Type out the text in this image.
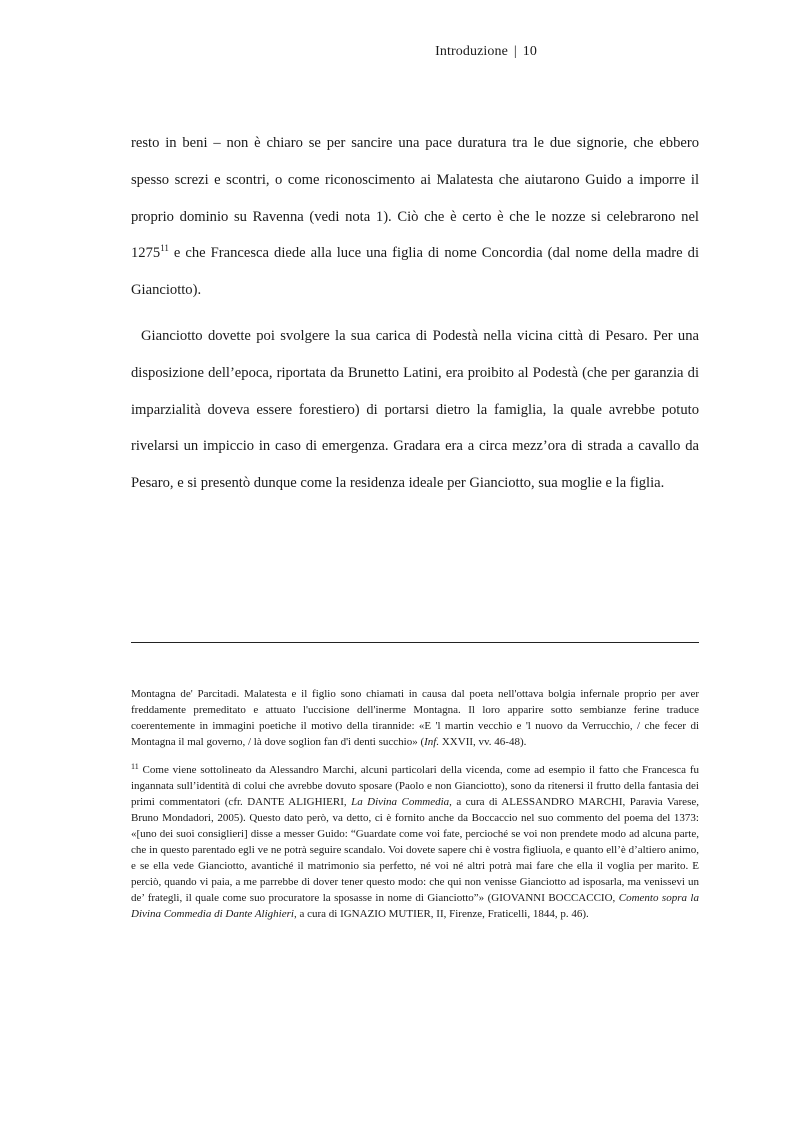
Introduzione | 10

resto in beni – non è chiaro se per sancire una pace duratura tra le due signorie, che ebbero spesso screzi e scontri, o come riconoscimento ai Malatesta che aiutarono Guido a imporre il proprio dominio su Ravenna (vedi nota 1). Ciò che è certo è che le nozze si celebrarono nel 1275$^{11}$ e che Francesca diede alla luce una figlia di nome Concordia (dal nome della madre di Gianciotto).

Gianciotto dovette poi svolgere la sua carica di Podestà nella vicina città di Pesaro. Per una disposizione dell’epoca, riportata da Brunetto Latini, era proibito al Podestà (che per garanzia di imparzialità doveva essere forestiero) di portarsi dietro la famiglia, la quale avrebbe potuto rivelarsi un impiccio in caso di emergenza. Gradara era a circa mezz’ora di strada a cavallo da Pesaro, e si presentò dunque come la residenza ideale per Gianciotto, sua moglie e la figlia.

Montagna de' Parcitadi. Malatesta e il figlio sono chiamati in causa dal poeta nell'ottava bolgia infernale proprio per aver freddamente premeditato e attuato l'uccisione dell'inerme Montagna. Il loro apparire sotto sembianze ferine traduce coerentemente in immagini poetiche il motivo della tirannide: «E 'l martin vecchio e 'l nuovo da Verrucchio, / che fecer di Montagna il mal governo, / là dove soglion fan d'i denti succhio» (Inf. XXVII, vv. 46-48).

$^{11}$ Come viene sottolineato da Alessandro Marchi, alcuni particolari della vicenda, come ad esempio il fatto che Francesca fu ingannata sull’identità di colui che avrebbe dovuto sposare (Paolo e non Gianciotto), sono da ritenersi il frutto della fantasia dei primi commentatori (cfr. DANTE ALIGHIERI, La Divina Commedia, a cura di ALESSANDRO MARCHI, Paravia Varese, Bruno Mondadori, 2005). Questo dato però, va detto, ci è fornito anche da Boccaccio nel suo commento del poema del 1373: «[uno dei suoi consiglieri] disse a messer Guido: “Guardate come voi fate, percioché se voi non prendete modo ad alcuna parte, che in questo parentado egli ve ne potrà seguire scandalo. Voi dovete sapere chi è vostra figliuola, e quanto ell’è d’altiero animo, e se ella vede Gianciotto, avantiché il matrimonio sia perfetto, né voi né altri potrà mai fare che ella il voglia per marito. E perciò, quando vi paia, a me parrebbe di dover tener questo modo: che qui non venisse Gianciotto ad isposarla, ma venissevi un de’ frategli, il quale come suo procuratore la sposasse in nome di Gianciotto”» (GIOVANNI BOCCACCIO, Comento sopra la Divina Commedia di Dante Alighieri, a cura di IGNAZIO MUTIER, II, Firenze, Fraticelli, 1844, p. 46).
